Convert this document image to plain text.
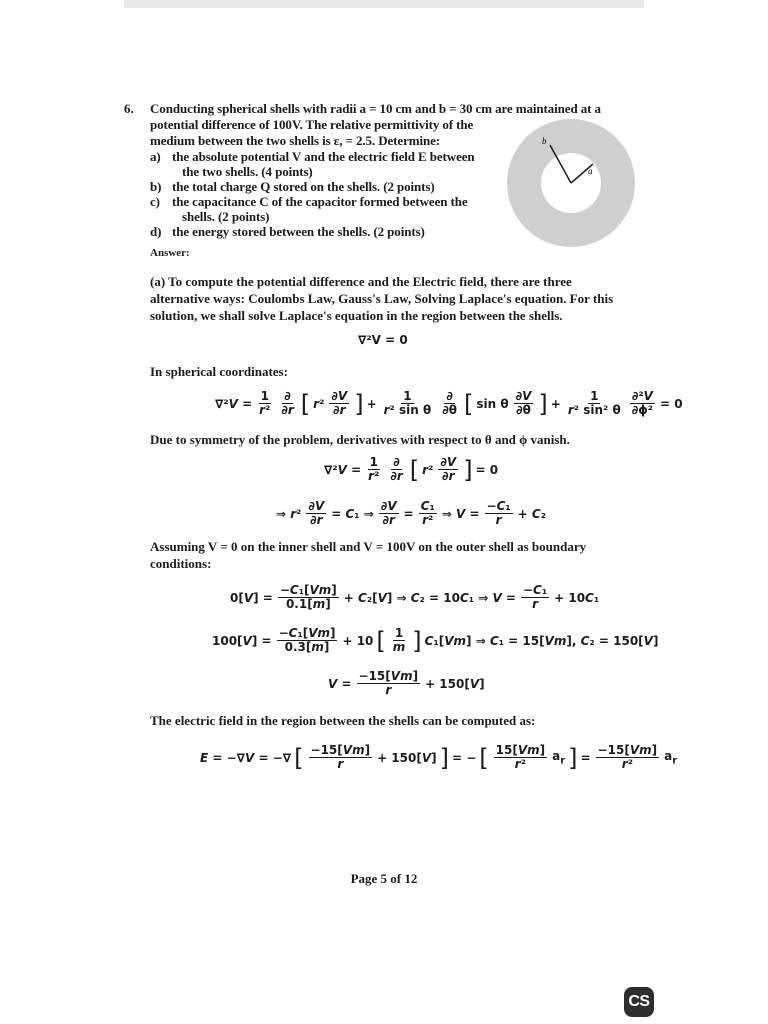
6. Conducting spherical shells with radii a = 10 cm and b = 30 cm are maintained at a
potential difference of 100V. The relative permittivity of the
medium between the two shells is ε, = 2.5. Determine:
a) the absolute potential V and the electric field E between
the two shells. (4 points)
b) the total charge Q stored on the shells. (2 points)
c) the capacitance C of the capacitor formed between the
shells. (2 points)
d) the energy stored between the shells. (2 points)
b
a
Answer:
(a) To compute the potential difference and the Electric field, there are three
alternative ways: Coulombs Law, Gauss's Law, Solving Laplace's equation. For this
solution, we shall solve Laplace's equation in the region between the shells.
∇²V = 0
In spherical coordinates:
$\nabla^2V = \frac{1}{\text{r²}} \frac{\partial}{\partial r}$ [ $r^2 \frac{\partial V}{\partial r}$ ] + $\frac{1}{\text{r² sin θ}} \frac{\partial}{\partial\theta}$ [ sin θ $\frac{\partial V}{\partial\theta}$ ] + $\frac{1}{\text{r² sin² θ}} \frac{\text{∂²V}}{\text{∂ϕ²}} = 0$
Due to symmetry of the problem, derivatives with respect to θ and ϕ vanish.
$\nabla^2V = \frac{1}{\text{r²}} \frac{\partial}{\partial r}$ [ $r^2 \frac{\partial V}{\partial r}$ ] = 0
⇒ $r^2 \frac{\partial V}{\partial r} = C_1$ ⇒ $\frac{\partial V}{\partial r} = \frac{\text{C₁}}{\text{r²}}$ ⇒ $V = \frac{\text{−C₁}}{r} + C_2$
Assuming V = 0 on the inner shell and V = 100V on the outer shell as boundary
conditions:
$0[V] = \frac{\text{−C₁[Vm]}}{0.1[m]} + C_2[V]$ ⇒ C₂ = 10C₁ ⇒ $V = \frac{\text{−C₁}}{r} + 10C_1$
$100[V] = \frac{\text{−C₁[Vm]}}{0.3[m]} + 10$ [ $\frac{1}{m}$ ] C₁[Vm] ⇒ C₁ = 15[Vm], C₂ = 150[V]
$V = \frac{-15[Vm]}{r} + 150[V]$
The electric field in the region between the shells can be computed as:
E = −∇V = −∇ [ $\frac{-15[Vm]}{r} + 150[V]$ ] = − [ $\frac{15[Vm]}{\text{r²}} a_r$ ] = $\frac{-15[Vm]}{\text{r²}} a_r$
Page 5 of 12
CS
